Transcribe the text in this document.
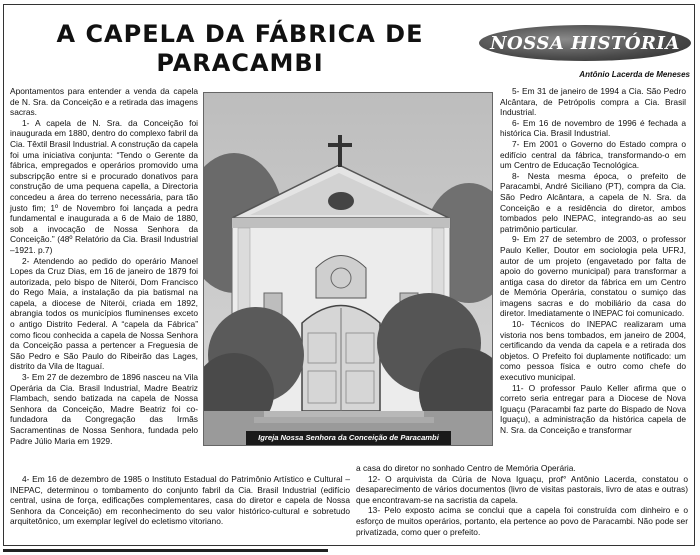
A CAPELA DA FÁBRICA DE PARACAMBI
NOSSA HISTÓRIA
Antônio Lacerda de Meneses

Apontamentos para entender a venda da capela de N. Sra. da Conceição e a retirada das imagens sacras.

1- A capela de N. Sra. da Conceição foi inaugurada em 1880, dentro do complexo fabril da Cia. Têxtil Brasil Industrial. A construção da capela foi uma iniciativa conjunta: “Tendo o Gerente da fábrica, empregados e operários promovido uma subscripção entre si e procurado donativos para construção de uma pequena capella, a Directoria concedeu a área do terreno necessária, para tão justo fim; 1º de Novembro foi lançada a pedra fundamental e inaugurada a 6 de Maio de 1880, sob a invocação de Nossa Senhora da Conceição.” (48º Relatório da Cia. Brasil Industrial –1921. p.7)

2- Atendendo ao pedido do operário Manoel Lopes da Cruz Dias, em 16 de janeiro de 1879 foi autorizada, pelo bispo de Niterói, Dom Francisco do Rego Maia, a instalação da pia batismal na capela, a diocese de Niterói, criada em 1892, abrangia todos os municípios fluminenses exceto o antigo Distrito Federal. A “capela da Fábrica” como ficou conhecida a capela de Nossa Senhora da Conceição passa a pertencer a Freguesia de São Pedro e São Paulo do Ribeirão das Lages, distrito da Vila de Itaguaí.

3- Em 27 de dezembro de 1896 nasceu na Vila Operária da Cia. Brasil Industrial, Madre Beatriz Flambach, sendo batizada na capela de Nossa Senhora da Conceição, Madre Beatriz foi co-fundadora da Congregação das Irmãs Sacramentinas de Nossa Senhora, fundada pelo Padre Júlio Maria em 1929.	Igreja Nossa Senhora da Conceição de Paracambi

5- Em 31 de janeiro de 1994 a Cia. São Pedro Alcântara, de Petrópolis compra a Cia. Brasil Industrial.

6- Em 16 de novembro de 1996 é fechada a histórica Cia. Brasil Industrial.

7- Em 2001 o Governo do Estado compra o edifício central da fábrica, transformando-o em um Centro de Educação Tecnológica.

8- Nesta mesma época, o prefeito de Paracambi, André Siciliano (PT), compra da Cia. São Pedro Alcântara, a capela de N. Sra. da Conceição e a residência do diretor, ambos tombados pelo INEPAC, integrando-as ao seu patrimônio particular.

9- Em 27 de setembro de 2003, o professor Paulo Keller, Doutor em sociologia pela UFRJ, autor de um projeto (engavetado por falta de apoio do governo municipal) para transformar a antiga casa do diretor da fábrica em um Centro de Memória Operária, constatou o sumiço das imagens sacras e do mobiliário da casa do diretor. Imediatamente o INEPAC foi comunicado.

10- Técnicos do INEPAC realizaram uma vistoria nos bens tombados, em janeiro de 2004, certificando da venda da capela e a retirada dos objetos. O Prefeito foi duplamente notificado: um como pessoa física e outro como chefe do executivo municipal.

11- O professor Paulo Keller afirma que o correto seria entregar para a Diocese de Nova Iguaçu (Paracambi faz parte do Bispado de Nova Iguaçu), a administração da histórica capela de N. Sra. da Conceição e transformar

4- Em 16 de dezembro de 1985 o Instituto Estadual do Patrimônio Artístico e Cultural – INEPAC, determinou o tombamento do conjunto fabril da Cia. Brasil Industrial (edifício central, usina de força, edificações complementares, casa do diretor e capela de Nossa Senhora da Conceição) em reconhecimento do seu valor histórico-cultural e sobretudo arquitetônico, um exemplar legível do ecletismo vitoriano.

a casa do diretor no sonhado Centro de Memória Operária.

12- O arquivista da Cúria de Nova Iguaçu, prof° Antônio Lacerda, constatou o desaparecimento de vários documentos (livro de visitas pastorais, livro de atas e outras) que encontravam-se na sacristia da capela.

13- Pelo exposto acima se conclui que a capela foi construída com dinheiro e o esforço de muitos operários, portanto, ela pertence ao povo de Paracambi. Não pode ser privatizada, como quer o prefeito.
